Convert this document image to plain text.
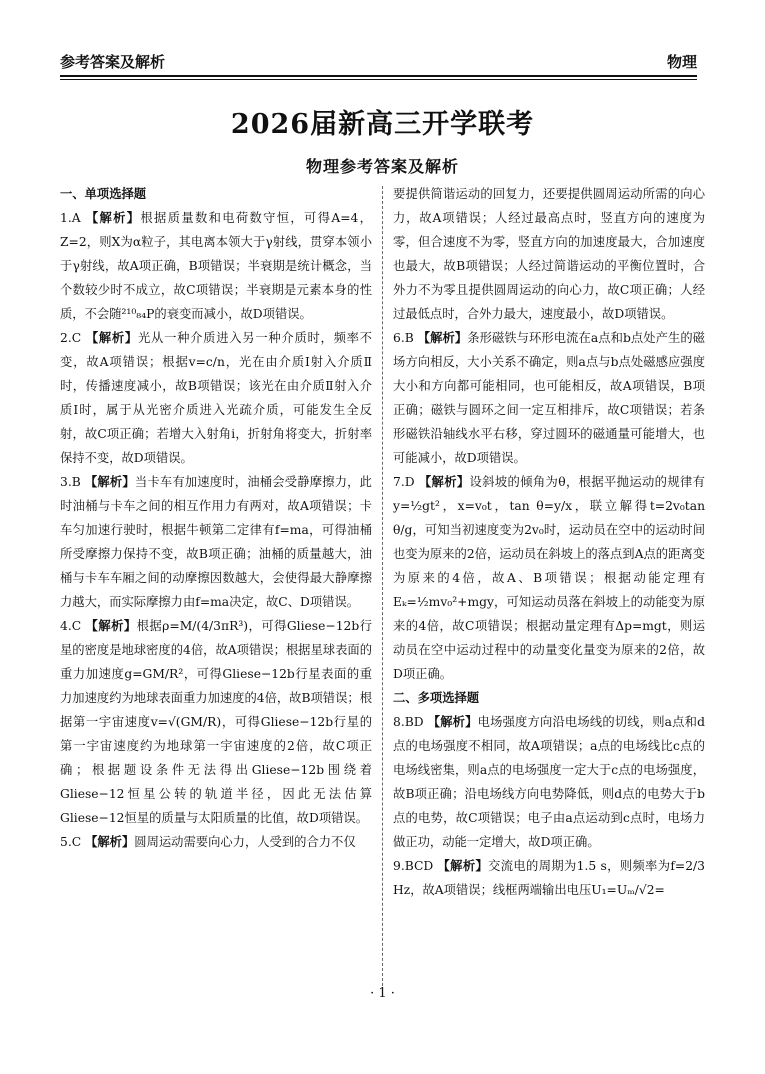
参考答案及解析	物理
2026届新高三开学联考
物理参考答案及解析

一、单项选择题

1.A 【解析】根据质量数和电荷数守恒，可得A=4，Z=2，则X为α粒子，其电离本领大于γ射线，贯穿本领小于γ射线，故A项正确，B项错误；半衰期是统计概念，当个数较少时不成立，故C项错误；半衰期是元素本身的性质，不会随²¹⁰₈₄P的衰变而减小，故D项错误。

2.C 【解析】光从一种介质进入另一种介质时，频率不变，故A项错误；根据v=c/n，光在由介质Ⅰ射入介质Ⅱ时，传播速度减小，故B项错误；该光在由介质Ⅱ射入介质Ⅰ时，属于从光密介质进入光疏介质，可能发生全反射，故C项正确；若增大入射角i，折射角将变大，折射率保持不变，故D项错误。

3.B 【解析】当卡车有加速度时，油桶会受静摩擦力，此时油桶与卡车之间的相互作用力有两对，故A项错误；卡车匀加速行驶时，根据牛顿第二定律有f=ma，可得油桶所受摩擦力保持不变，故B项正确；油桶的质量越大，油桶与卡车车厢之间的动摩擦因数越大，会使得最大静摩擦力越大，而实际摩擦力由f=ma决定，故C、D项错误。

4.C 【解析】根据ρ=M/(4/3πR³)，可得Gliese−12b行星的密度是地球密度的4倍，故A项错误；根据星球表面的重力加速度g=GM/R²，可得Gliese−12b行星表面的重力加速度约为地球表面重力加速度的4倍，故B项错误；根据第一宇宙速度v=√(GM/R)，可得Gliese−12b行星的第一宇宙速度约为地球第一宇宙速度的2倍，故C项正确；根据题设条件无法得出Gliese−12b围绕着Gliese−12恒星公转的轨道半径，因此无法估算Gliese−12恒星的质量与太阳质量的比值，故D项错误。

5.C 【解析】圆周运动需要向心力，人受到的合力不仅

要提供简谐运动的回复力，还要提供圆周运动所需的向心力，故A项错误；人经过最高点时，竖直方向的速度为零，但合速度不为零，竖直方向的加速度最大，合加速度也最大，故B项错误；人经过简谐运动的平衡位置时，合外力不为零且提供圆周运动的向心力，故C项正确；人经过最低点时，合外力最大，速度最小，故D项错误。

6.B 【解析】条形磁铁与环形电流在a点和b点处产生的磁场方向相反，大小关系不确定，则a点与b点处磁感应强度大小和方向都可能相同，也可能相反，故A项错误，B项正确；磁铁与圆环之间一定互相排斥，故C项错误；若条形磁铁沿轴线水平右移，穿过圆环的磁通量可能增大，也可能减小，故D项错误。

7.D 【解析】设斜坡的倾角为θ，根据平抛运动的规律有y=½gt²，x=v₀t，tan θ=y/x，联立解得t=2v₀tan θ/g，可知当初速度变为2v₀时，运动员在空中的运动时间也变为原来的2倍，运动员在斜坡上的落点到A点的距离变为原来的4倍，故A、B项错误；根据动能定理有Eₖ=½mv₀²+mgy，可知运动员落在斜坡上的动能变为原来的4倍，故C项错误；根据动量定理有Δp=mgt，则运动员在空中运动过程中的动量变化量变为原来的2倍，故D项正确。

二、多项选择题

8.BD 【解析】电场强度方向沿电场线的切线，则a点和d点的电场强度不相同，故A项错误；a点的电场线比c点的电场线密集，则a点的电场强度一定大于c点的电场强度，故B项正确；沿电场线方向电势降低，则d点的电势大于b点的电势，故C项错误；电子由a点运动到c点时，电场力做正功，动能一定增大，故D项正确。

9.BCD 【解析】交流电的周期为1.5 s，则频率为f=2/3 Hz，故A项错误；线框两端输出电压U₁=Uₘ/√2=

· 1 ·
